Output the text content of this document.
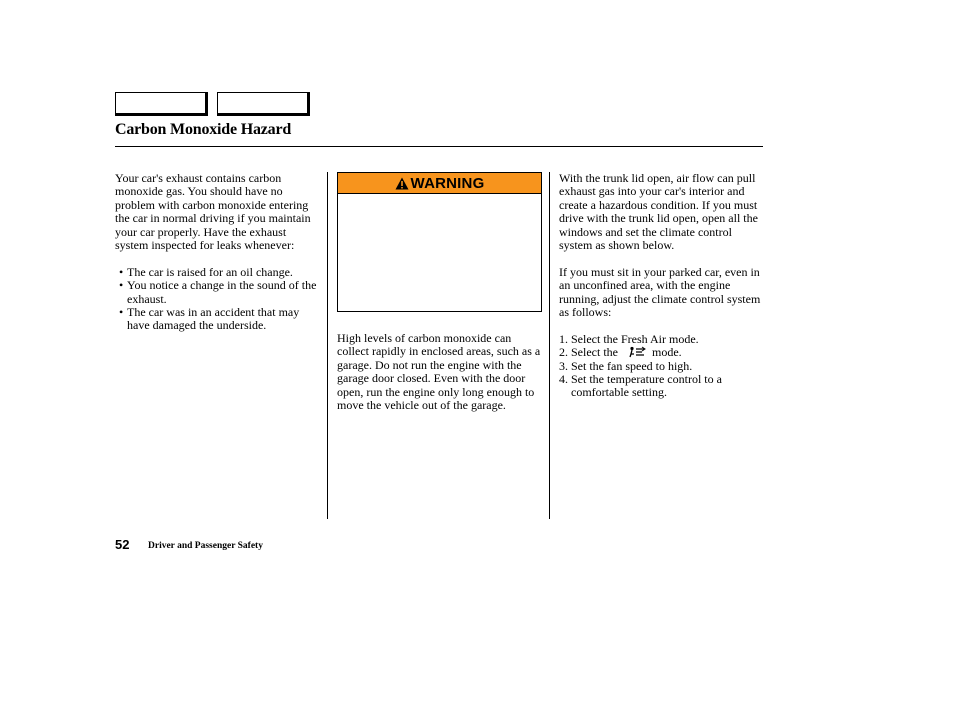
Carbon Monoxide Hazard

Your car's exhaust contains carbon monoxide gas. You should have no problem with carbon monoxide entering the car in normal driving if you maintain your car properly. Have the exhaust system inspected for leaks whenever:

• The car is raised for an oil change.
• You notice a change in the sound of the exhaust.
• The car was in an accident that may have damaged the underside.
WARNING

High levels of carbon monoxide can collect rapidly in enclosed areas, such as a garage. Do not run the engine with the garage door closed. Even with the door open, run the engine only long enough to move the vehicle out of the garage.

With the trunk lid open, air flow can pull exhaust gas into your car's interior and create a hazardous condition. If you must drive with the trunk lid open, open all the windows and set the climate control system as shown below.

If you must sit in your parked car, even in an unconfined area, with the engine running, adjust the climate control system as follows:

1. Select the Fresh Air mode.
2. Select the	mode.
3. Set the fan speed to high.
4. Set the temperature control to a comfortable setting.
52 Driver and Passenger Safety
